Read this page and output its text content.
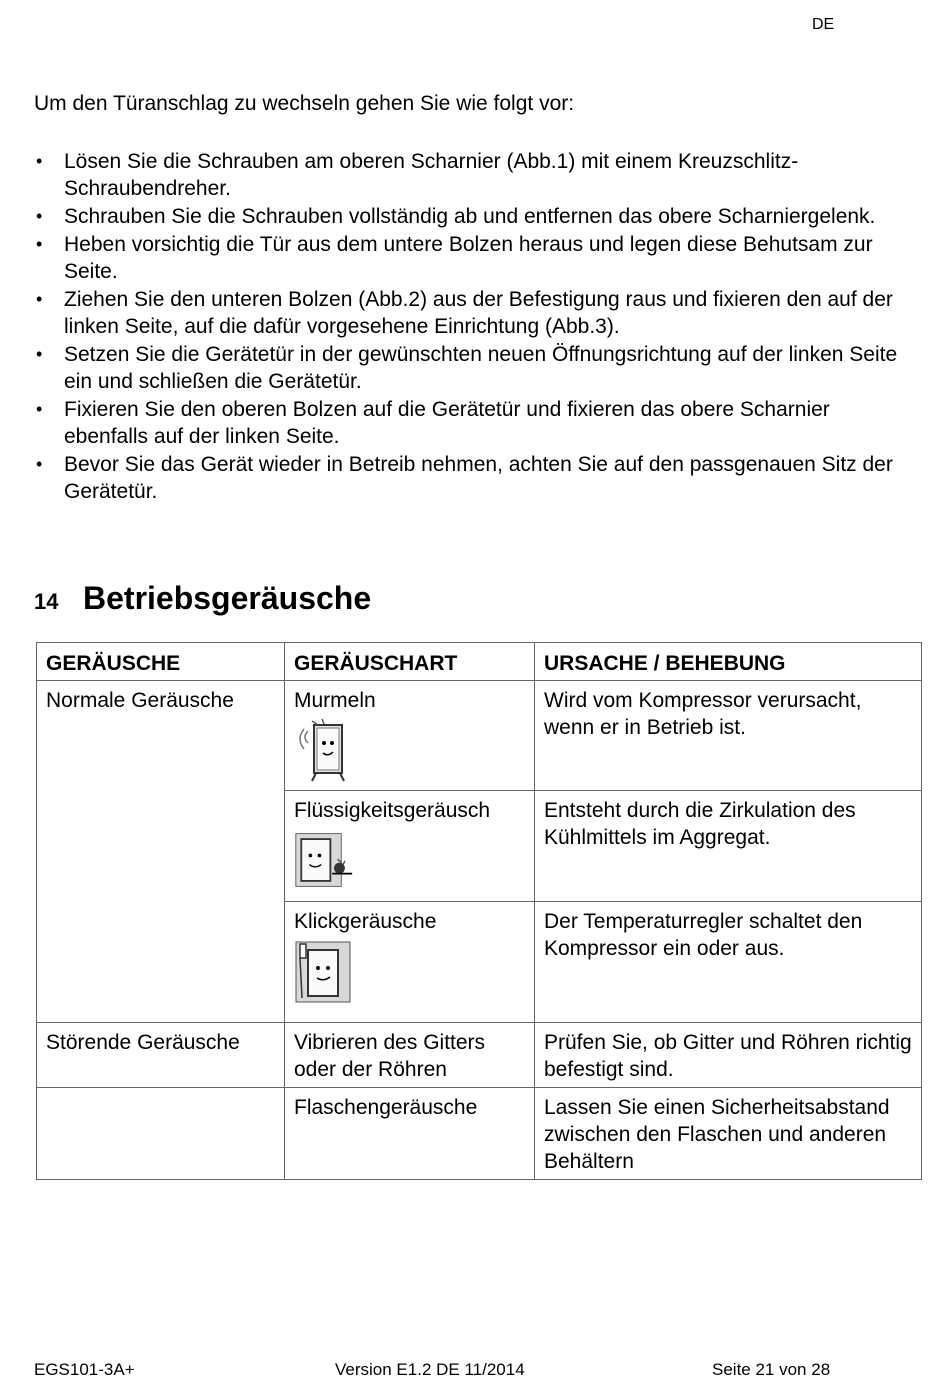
DE

Um den Türanschlag zu wechseln gehen Sie wie folgt vor:

• Lösen Sie die Schrauben am oberen Scharnier (Abb.1) mit einem Kreuzschlitz-Schraubendreher.
• Schrauben Sie die Schrauben vollständig ab und entfernen das obere Scharniergelenk.
• Heben vorsichtig die Tür aus dem untere Bolzen heraus und legen diese Behutsam zur Seite.
• Ziehen Sie den unteren Bolzen (Abb.2) aus der Befestigung raus und fixieren den auf der linken Seite, auf die dafür vorgesehene Einrichtung (Abb.3).
• Setzen Sie die Gerätetür in der gewünschten neuen Öffnungsrichtung auf der linken Seite ein und schließen die Gerätetür.
• Fixieren Sie den oberen Bolzen auf die Gerätetür und fixieren das obere Scharnier ebenfalls auf der linken Seite.
• Bevor Sie das Gerät wieder in Betreib nehmen, achten Sie auf den passgenauen Sitz der Gerätetür.
14 Betriebsgeräusche
GERÄUSCHE	GERÄUSCHART	URSACHE / BEHEBUNG
Normale Geräusche	Murmeln	Wird vom Kompressor verursacht, wenn er in Betrieb ist.
	Flüssigkeitsgeräusch	Entsteht durch die Zirkulation des Kühlmittels im Aggregat.
	Klickgeräusche	Der Temperaturregler schaltet den Kompressor ein oder aus.
Störende Geräusche	Vibrieren des Gitters oder der Röhren	Prüfen Sie, ob Gitter und Röhren richtig befestigt sind.
	Flaschengeräusche	Lassen Sie einen Sicherheitsabstand zwischen den Flaschen und anderen Behältern
EGS101-3A+	Version E1.2 DE 11/2014	Seite 21 von 28
